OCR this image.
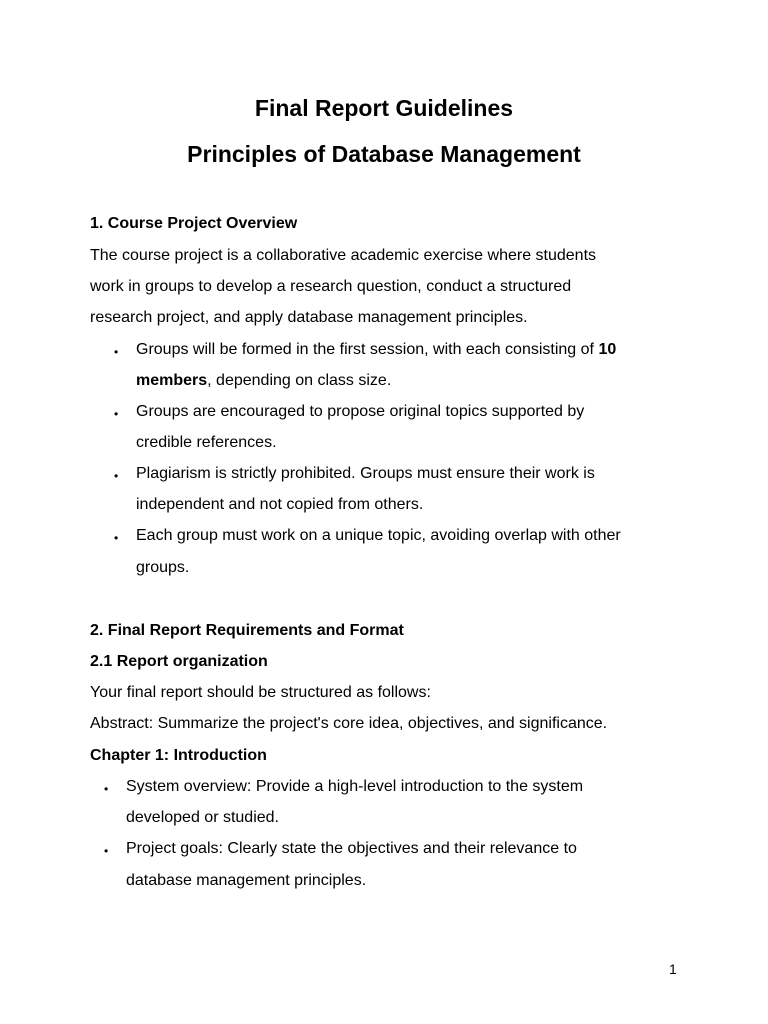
Final Report Guidelines
Principles of Database Management
1. Course Project Overview
The course project is a collaborative academic exercise where students
work in groups to develop a research question, conduct a structured
research project, and apply database management principles.
• Groups will be formed in the first session, with each consisting of 10
members, depending on class size.
• Groups are encouraged to propose original topics supported by
credible references.
• Plagiarism is strictly prohibited. Groups must ensure their work is
independent and not copied from others.
• Each group must work on a unique topic, avoiding overlap with other
groups.
2. Final Report Requirements and Format
2.1 Report organization
Your final report should be structured as follows:
Abstract: Summarize the project's core idea, objectives, and significance.
Chapter 1: Introduction
• System overview: Provide a high-level introduction to the system
developed or studied.
• Project goals: Clearly state the objectives and their relevance to
database management principles.
1
